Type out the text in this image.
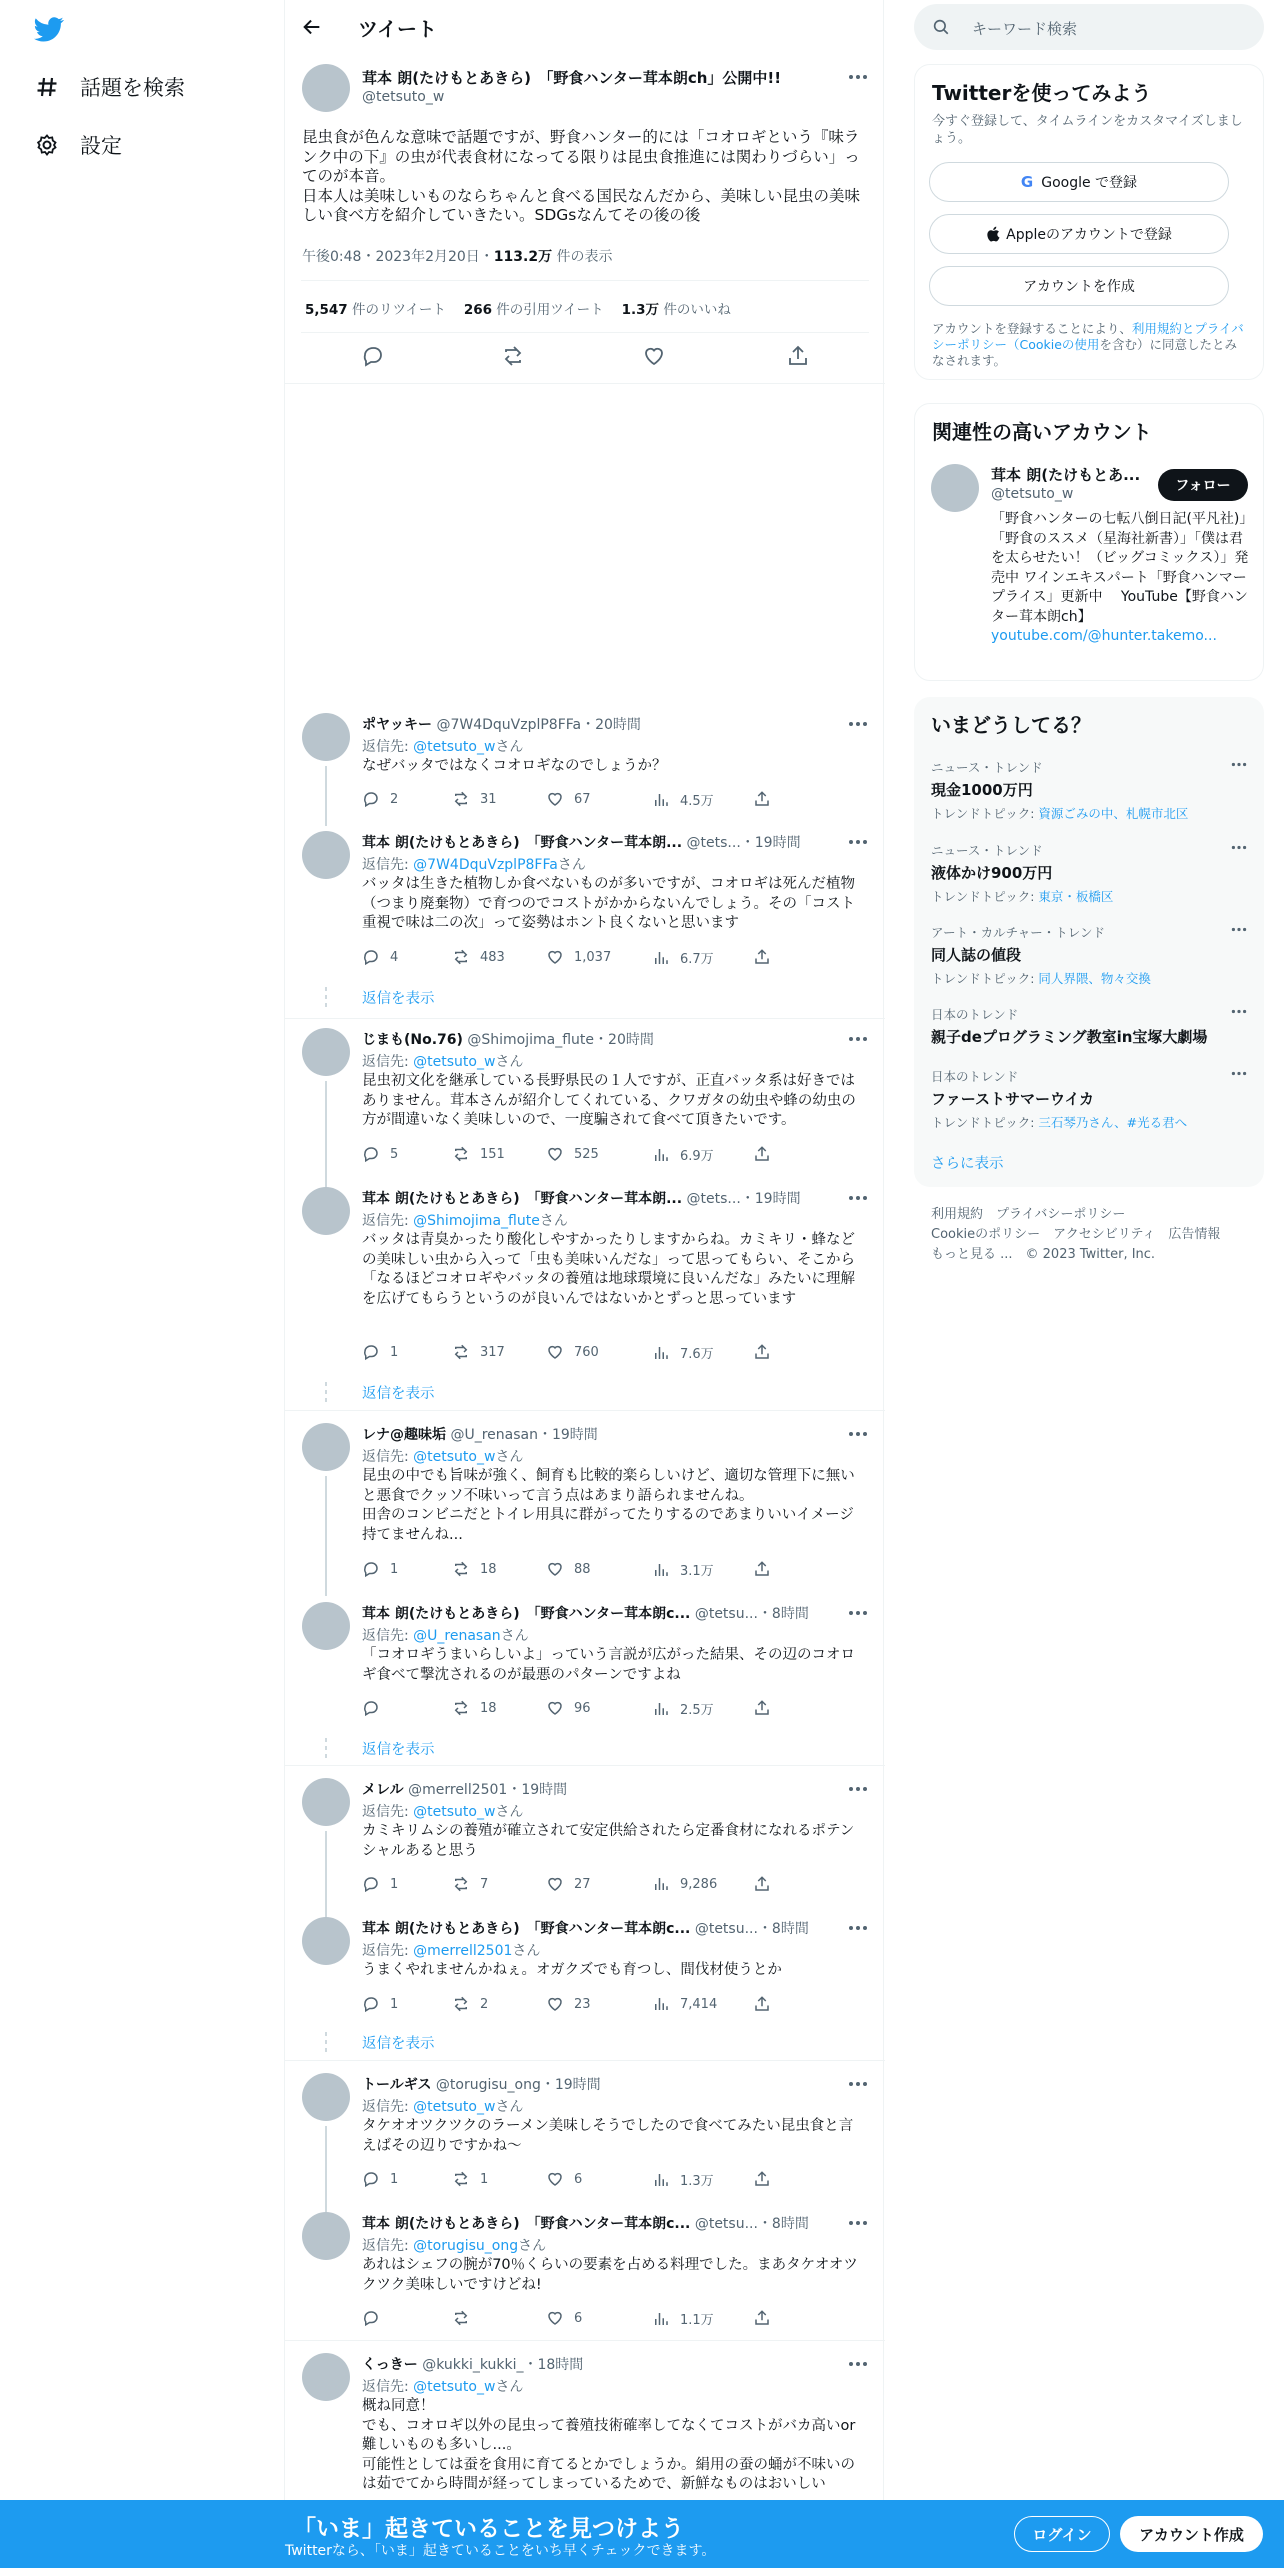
話題を検索
設定
ツイート
茸本 朗(たけもとあきら)　「野食ハンター茸本朗ch」公開中!!
@tetsuto_w
昆虫食が色んな意味で話題ですが、野食ハンター的には「コオロギという『味ランク中の下』の虫が代表食材になってる限りは昆虫食推進には関わりづらい」ってのが本音。
日本人は美味しいものならちゃんと食べる国民なんだから、美味しい昆虫の美味しい食べ方を紹介していきたい。SDGsなんてその後の後
午後0:48・2023年2月20日・113.2万 件の表示
5,547 件のリツイート 266 件の引用ツイート 1.3万 件のいいね
ポヤッキー @7W4DquVzplP8FFa・20時間
返信先: @tetsuto_wさん
なぜバッタではなくコオロギなのでしょうか？
2	31	67	4.5万
茸本 朗(たけもとあきら)　「野食ハンター茸本朗... @tets...・19時間
返信先: @7W4DquVzplP8FFaさん
バッタは生きた植物しか食べないものが多いですが、コオロギは死んだ植物（つまり廃棄物）で育つのでコストがかからないんでしょう。その「コスト重視で味は二の次」って姿勢はホント良くないと思います
4	483	1,037	6.7万
返信を表示
じまも(No.76) @Shimojima_flute・20時間
返信先: @tetsuto_wさん
昆虫初文化を継承している長野県民の１人ですが、正直バッタ系は好きではありません。茸本さんが紹介してくれている、クワガタの幼虫や蜂の幼虫の方が間違いなく美味しいので、一度騙されて食べて頂きたいです。
5	151	525	6.9万
茸本 朗(たけもとあきら)　「野食ハンター茸本朗... @tets...・19時間
返信先: @Shimojima_fluteさん
バッタは青臭かったり酸化しやすかったりしますからね。カミキリ・蜂などの美味しい虫から入って「虫も美味いんだな」って思ってもらい、そこから「なるほどコオロギやバッタの養殖は地球環境に良いんだな」みたいに理解を広げてもらうというのが良いんではないかとずっと思っています
1	317	760	7.6万
返信を表示
レナ@趣味垢 @U_renasan・19時間
返信先: @tetsuto_wさん
昆虫の中でも旨味が強く、飼育も比較的楽らしいけど、適切な管理下に無いと悪食でクッソ不味いって言う点はあまり語られませんね。
田舎のコンビニだとトイレ用具に群がってたりするのであまりいいイメージ持てませんね...
1	18	88	3.1万
茸本 朗(たけもとあきら)　「野食ハンター茸本朗c... @tetsu...・8時間
返信先: @U_renasanさん
「コオロギうまいらしいよ」っていう言説が広がった結果、その辺のコオロギ食べて撃沈されるのが最悪のパターンですよね
18	96	2.5万
返信を表示
メレル @merrell2501・19時間
返信先: @tetsuto_wさん
カミキリムシの養殖が確立されて安定供給されたら定番食材になれるポテンシャルあると思う
1	7	27	9,286
茸本 朗(たけもとあきら)　「野食ハンター茸本朗c... @tetsu...・8時間
返信先: @merrell2501さん
うまくやれませんかねぇ。オガクズでも育つし、間伐材使うとか
1	2	23	7,414
返信を表示
トールギス @torugisu_ong・19時間
返信先: @tetsuto_wさん
タケオオツクツクのラーメン美味しそうでしたので食べてみたい昆虫食と言えばその辺りですかね〜
1	1	6	1.3万
茸本 朗(たけもとあきら)　「野食ハンター茸本朗c... @tetsu...・8時間
返信先: @torugisu_ongさん
あれはシェフの腕が70％くらいの要素を占める料理でした。まあタケオオツクツク美味しいですけどね!
6	1.1万
くっきー @kukki_kukki_・18時間
返信先: @tetsuto_wさん
概ね同意！
でも、コオロギ以外の昆虫って養殖技術確率してなくてコストがバカ高いor難しいものも多いし...。
可能性としては蚕を食用に育てるとかでしょうか。絹用の蚕の蛹が不味いのは茹でてから時間が経ってしまっているためで、新鮮なものはおいしい
キーワード検索
Twitterを使ってみよう
今すぐ登録して、タイムラインをカスタマイズしましょう。
G Google で登録
Appleのアカウントで登録
アカウントを作成
アカウントを登録することにより、利用規約とプライバシーポリシー（Cookieの使用を含む）に同意したとみなされます。
関連性の高いアカウント
茸本 朗(たけもとあ...
@tetsuto_w	フォロー
「野食ハンターの七転八倒日記(平凡社)」「野食のススメ（星海社新書）」「僕は君を太らせたい！（ビッグコミックス）」発売中 ワインエキスパート「野食ハンマープライス」更新中　 YouTube【野食ハンター茸本朗ch】
youtube.com/@hunter.takemo...
いまどうしてる？
ニュース・トレンド
現金1000万円
トレンドトピック: 資源ごみの中、札幌市北区
ニュース・トレンド
液体かけ900万円
トレンドトピック: 東京・板橋区
アート・カルチャー・トレンド
同人誌の値段
トレンドトピック: 同人界隈、物々交換
日本のトレンド
親子deプログラミング教室in宝塚大劇場
日本のトレンド
ファーストサマーウイカ
トレンドトピック: 三石琴乃さん、#光る君へ
さらに表示
利用規約　プライバシーポリシー
Cookieのポリシー　アクセシビリティ　広告情報
もっと見る ...　© 2023 Twitter, Inc.
「いま」起きていることを見つけよう
Twitterなら、「いま」起きていることをいち早くチェックできます。
ログイン	アカウント作成
